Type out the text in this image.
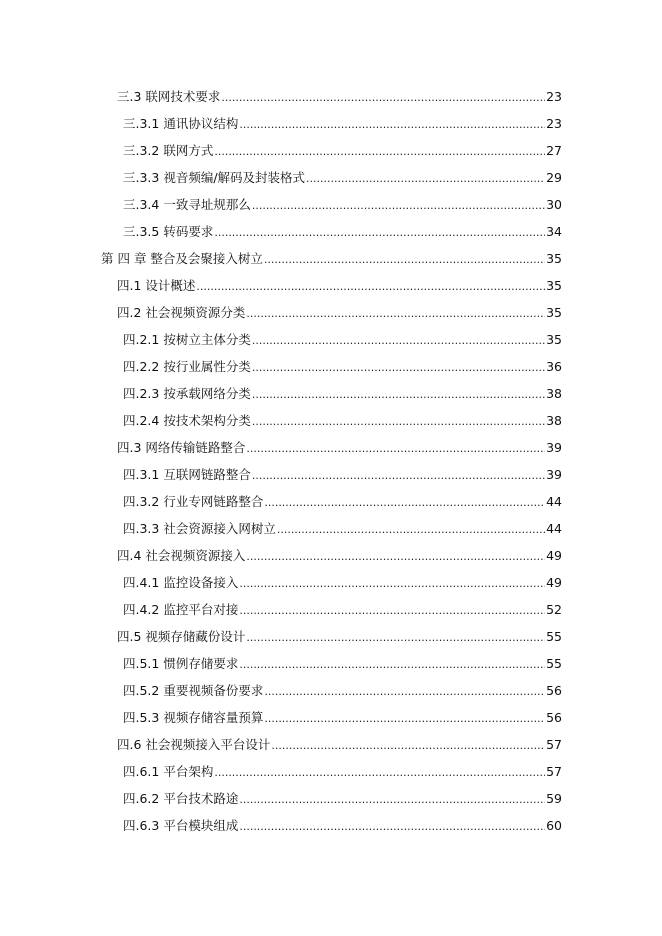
三.3 联网技术要求 .....	23
三.3.1 通讯协议结构 .....	23
三.3.2 联网方式 .....	27
三.3.3 视音频编/解码及封装格式 .....	29
三.3.4 一致寻址规那么 .....	30
三.3.5 转码要求 .....	34
第 四 章 整合及会聚接入树立 .....	35
四.1 设计概述 .....	35
四.2 社会视频资源分类 .....	35
四.2.1 按树立主体分类 .....	35
四.2.2 按行业属性分类 .....	36
四.2.3 按承载网络分类 .....	38
四.2.4 按技术架构分类 .....	38
四.3 网络传输链路整合 .....	39
四.3.1 互联网链路整合 .....	39
四.3.2 行业专网链路整合 .....	44
四.3.3 社会资源接入网树立 .....	44
四.4 社会视频资源接入 .....	49
四.4.1 监控设备接入 .....	49
四.4.2 监控平台对接 .....	52
四.5 视频存储藏份设计 .....	55
四.5.1 惯例存储要求 .....	55
四.5.2 重要视频备份要求 .....	56
四.5.3 视频存储容量预算 .....	56
四.6 社会视频接入平台设计 .....	57
四.6.1 平台架构 .....	57
四.6.2 平台技术路途 .....	59
四.6.3 平台模块组成 .....	60
